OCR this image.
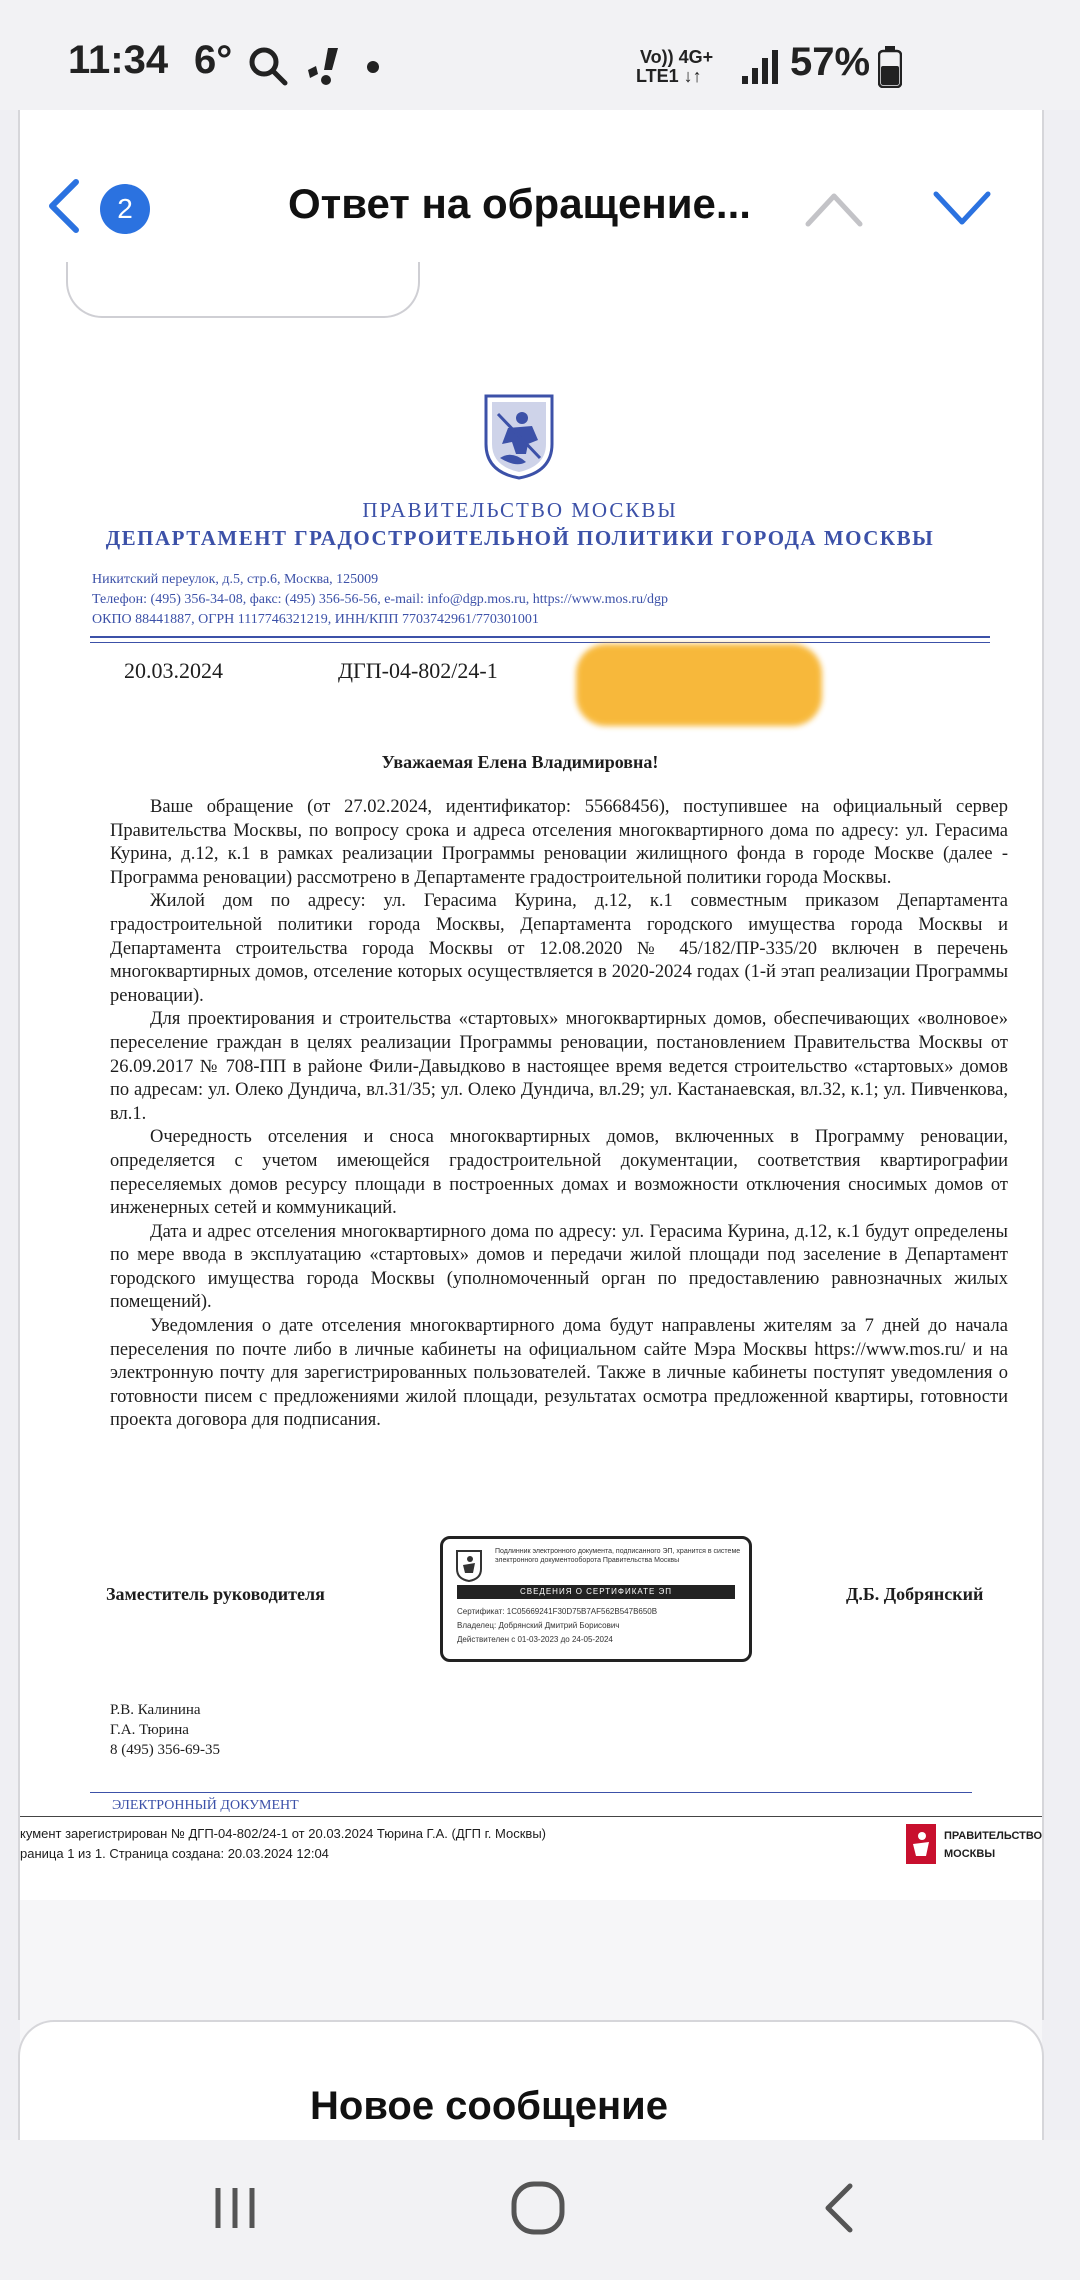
11:34 6°	Vo)) 4G+
LTE1 ↓↑ 57%
2	Ответ на обращение...
ПРАВИТЕЛЬСТВО МОСКВЫ
ДЕПАРТАМЕНТ ГРАДОСТРОИТЕЛЬНОЙ ПОЛИТИКИ ГОРОДА МОСКВЫ
Никитский переулок, д.5, стр.6, Москва, 125009
Телефон: (495) 356-34-08, факс: (495) 356-56-56, e-mail: info@dgp.mos.ru, https://www.mos.ru/dgp
ОКПО 88441887, ОГРН 1117746321219, ИНН/КПП 7703742961/770301001
20.03.2024	ДГП-04-802/24-1
Уважаемая Елена Владимировна!

Ваше обращение (от 27.02.2024, идентификатор: 55668456), поступившее на официальный сервер Правительства Москвы, по вопросу срока и адреса отселения многоквартирного дома по адресу: ул. Герасима Курина, д.12, к.1 в рамках реализации Программы реновации жилищного фонда в городе Москве (далее - Программа реновации) рассмотрено в Департаменте градостроительной политики города Москвы.

Жилой дом по адресу: ул. Герасима Курина, д.12, к.1 совместным приказом Департамента градостроительной политики города Москвы, Департамента городского имущества города Москвы и Департамента строительства города Москвы от 12.08.2020 № 45/182/ПР-335/20 включен в перечень многоквартирных домов, отселение которых осуществляется в 2020-2024 годах (1-й этап реализации Программы реновации).

Для проектирования и строительства «стартовых» многоквартирных домов, обеспечивающих «волновое» переселение граждан в целях реализации Программы реновации, постановлением Правительства Москвы от 26.09.2017 № 708-ПП в районе Фили-Давыдково в настоящее время ведется строительство «стартовых» домов по адресам: ул. Олеко Дундича, вл.31/35; ул. Олеко Дундича, вл.29; ул. Кастанаевская, вл.32, к.1; ул. Пивченкова, вл.1.

Очередность отселения и сноса многоквартирных домов, включенных в Программу реновации, определяется с учетом имеющейся градостроительной документации, соответствия квартирографии переселяемых домов ресурсу площади в построенных домах и возможности отключения сносимых домов от инженерных сетей и коммуникаций.

Дата и адрес отселения многоквартирного дома по адресу: ул. Герасима Курина, д.12, к.1 будут определены по мере ввода в эксплуатацию «стартовых» домов и передачи жилой площади под заселение в Департамент городского имущества города Москвы (уполномоченный орган по предоставлению равнозначных жилых помещений).

Уведомления о дате отселения многоквартирного дома будут направлены жителям за 7 дней до начала переселения по почте либо в личные кабинеты на официальном сайте Мэра Москвы https://www.mos.ru/ и на электронную почту для зарегистрированных пользователей. Также в личные кабинеты поступят уведомления о готовности писем с предложениями жилой площади, результатах осмотра предложенной квартиры, готовности проекта договора для подписания.

Заместитель руководителя
Подлинник электронного документа, подписанного ЭП, хранится в системе электронного документооборота Правительства Москвы
СВЕДЕНИЯ О СЕРТИФИКАТЕ ЭП
Сертификат: 1C05669241F30D75B7AF562B547B650B
Владелец: Добрянский Дмитрий Борисович
Действителен с 01-03-2023 до 24-05-2024
Д.Б. Добрянский
Р.В. Калинина
Г.А. Тюрина
8 (495) 356-69-35
ЭЛЕКТРОННЫЙ ДОКУМЕНТ
кумент зарегистрирован № ДГП-04-802/24-1 от 20.03.2024 Тюрина Г.А. (ДГП г. Москвы)
раница 1 из 1. Страница создана: 20.03.2024 12:04
ПРАВИТЕЛЬСТВО
МОСКВЫ
Новое сообщение
